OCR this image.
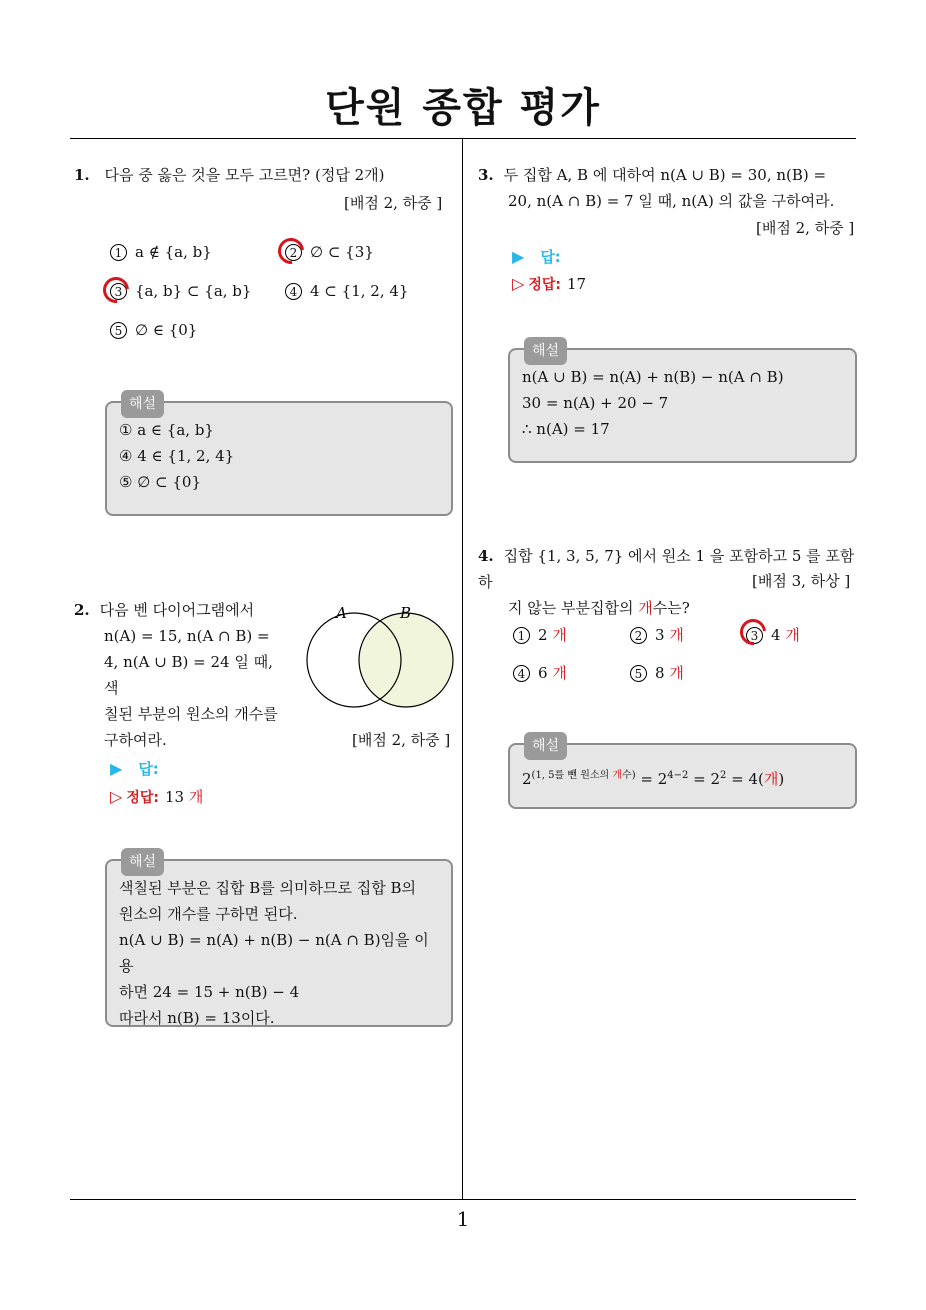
단원 종합 평가
1
1. 다음 중 옳은 것을 모두 고르면? (정답 2개)
[배점 2, 하중 ]
1 a ∉ {a, b}	2 ∅ ⊂ {3}
3 {a, b} ⊂ {a, b}	4 4 ⊂ {1, 2, 4}
5 ∅ ∈ {0}
해설
① a ∈ {a, b}
④ 4 ∈ {1, 2, 4}
⑤ ∅ ⊂ {0}
2. 다음 벤 다이어그램에서
n(A) = 15, n(A ∩ B) =
4, n(A ∪ B) = 24 일 때, 색
칠된 부분의 원소의 개수를
구하여라.
A	B
[배점 2, 하중 ]
▶ 답:
▷ 정답: 13 개
해설
색칠된 부분은 집합 B를 의미하므로 집합 B의
원소의 개수를 구하면 된다.
n(A ∪ B) = n(A) + n(B) − n(A ∩ B)임을 이용
하면 24 = 15 + n(B) − 4
따라서 n(B) = 13이다.
3. 두 집합 A, B 에 대하여 n(A ∪ B) = 30, n(B) =
20, n(A ∩ B) = 7 일 때, n(A) 의 값을 구하여라.
[배점 2, 하중 ]
▶ 답:
▷ 정답: 17
해설
n(A ∪ B) = n(A) + n(B) − n(A ∩ B)
30 = n(A) + 20 − 7
∴ n(A) = 17
4. 집합 {1, 3, 5, 7} 에서 원소 1 을 포함하고 5 를 포함하
지 않는 부분집합의 개수는?
[배점 3, 하상 ]
1 2 개	2 3 개	3 4 개
4 6 개	5 8 개
해설
$2^{(1, 5를 뺀 원소의 개수)} = 2^{4-2} = 2^2 = 4$(개)
